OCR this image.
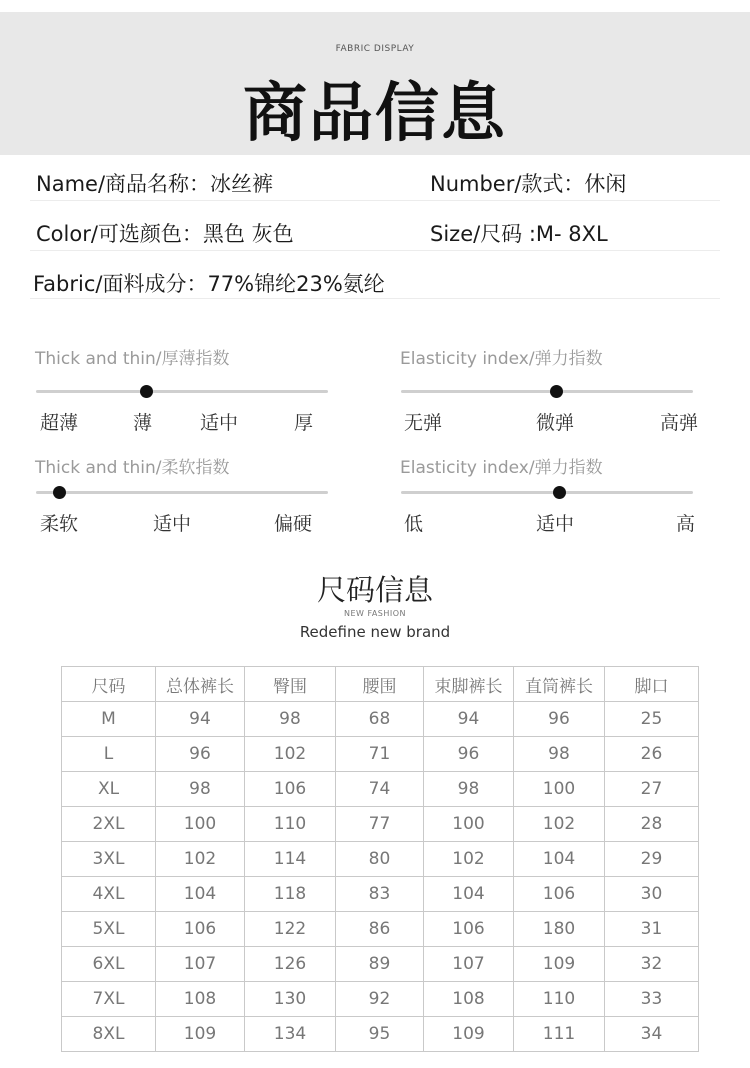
FABRIC DISPLAY
商品信息
Name/商品名称：冰丝裤	Number/款式：休闲
Color/可选颜色：黑色 灰色	Size/尺码 :M- 8XL
Fabric/面料成分：77%锦纶23%氨纶
Thick and thin/厚薄指数
超薄	薄	适中	厚
Elasticity index/弹力指数
无弹	微弹	高弹
Thick and thin/柔软指数
柔软	适中	偏硬
Elasticity index/弹力指数
低	适中	高
尺码信息
NEW FASHION
Redefine new brand
尺码	总体裤长	臀围	腰围	束脚裤长	直筒裤长	脚口
M	94	98	68	94	96	25
L	96	102	71	96	98	26
XL	98	106	74	98	100	27
2XL	100	110	77	100	102	28
3XL	102	114	80	102	104	29
4XL	104	118	83	104	106	30
5XL	106	122	86	106	180	31
6XL	107	126	89	107	109	32
7XL	108	130	92	108	110	33
8XL	109	134	95	109	111	34
